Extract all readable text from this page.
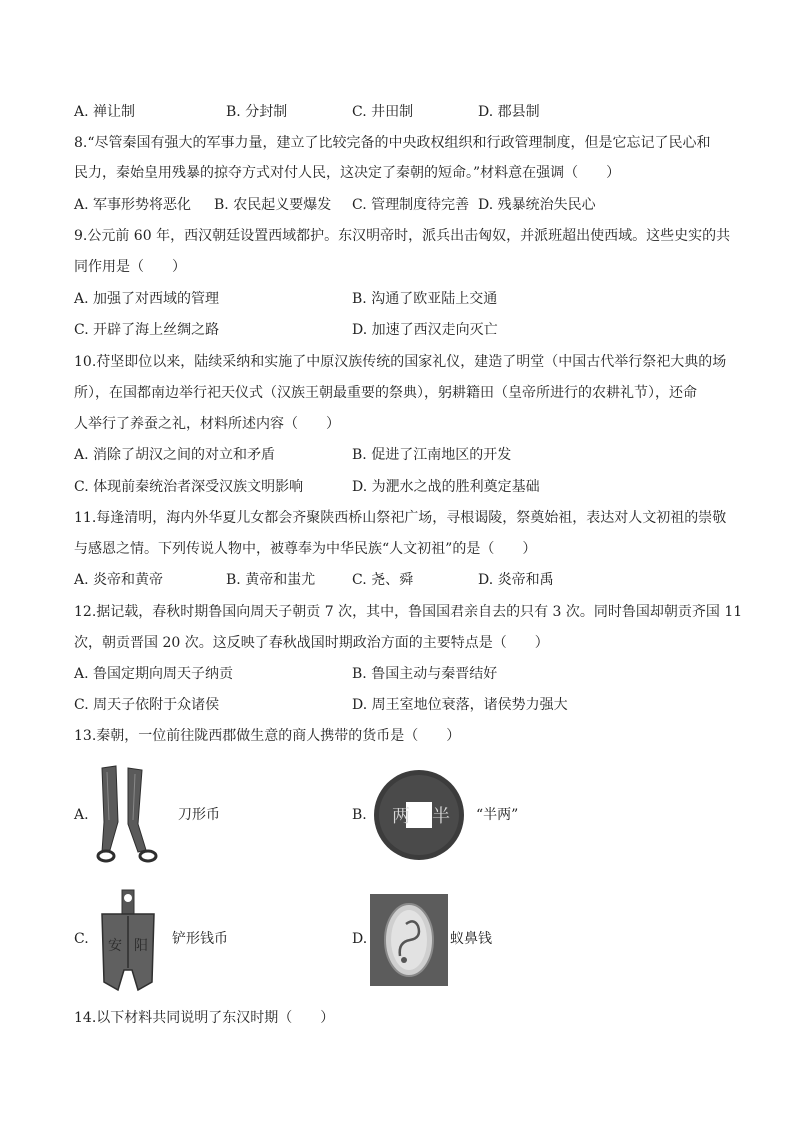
A. 禅让制	B. 分封制	C. 井田制	D. 郡县制
8.“尽管秦国有强大的军事力量，建立了比较完备的中央政权组织和行政管理制度，但是它忘记了民心和
民力，秦始皇用残暴的掠夺方式对付人民，这决定了秦朝的短命。”材料意在强调（　　）
A. 军事形势将恶化 B. 农民起义要爆发 C. 管理制度待完善 D. 残暴统治失民心
9.公元前 60 年，西汉朝廷设置西域都护。东汉明帝时，派兵出击匈奴，并派班超出使西域。这些史实的共
同作用是（　　）
A. 加强了对西域的管理	B. 沟通了欧亚陆上交通
C. 开辟了海上丝绸之路	D. 加速了西汉走向灭亡
10.苻坚即位以来，陆续采纳和实施了中原汉族传统的国家礼仪，建造了明堂（中国古代举行祭祀大典的场
所），在国都南边举行祀天仪式（汉族王朝最重要的祭典），躬耕籍田（皇帝所进行的农耕礼节），还命
人举行了养蚕之礼，材料所述内容（　　）
A. 消除了胡汉之间的对立和矛盾	B. 促进了江南地区的开发
C. 体现前秦统治者深受汉族文明影响	D. 为淝水之战的胜利奠定基础
11.每逢清明，海内外华夏儿女都会齐聚陕西桥山祭祀广场，寻根谒陵，祭奠始祖，表达对人文初祖的崇敬
与感恩之情。下列传说人物中，被尊奉为中华民族“人文初祖”的是（　　）
A. 炎帝和黄帝	B. 黄帝和蚩尤	C. 尧、舜	D. 炎帝和禹
12.据记载，春秋时期鲁国向周天子朝贡 7 次，其中，鲁国国君亲自去的只有 3 次。同时鲁国却朝贡齐国 11
次，朝贡晋国 20 次。这反映了春秋战国时期政治方面的主要特点是（　　）
A. 鲁国定期向周天子纳贡	B. 鲁国主动与秦晋结好
C. 周天子依附于众诸侯	D. 周王室地位衰落，诸侯势力强大
13.秦朝，一位前往陇西郡做生意的商人携带的货币是（　　）
A.	刀形币	B. 两 半 “半两”
C. 安 阳 铲形钱币	D.	蚁鼻钱
14.以下材料共同说明了东汉时期（　　）
